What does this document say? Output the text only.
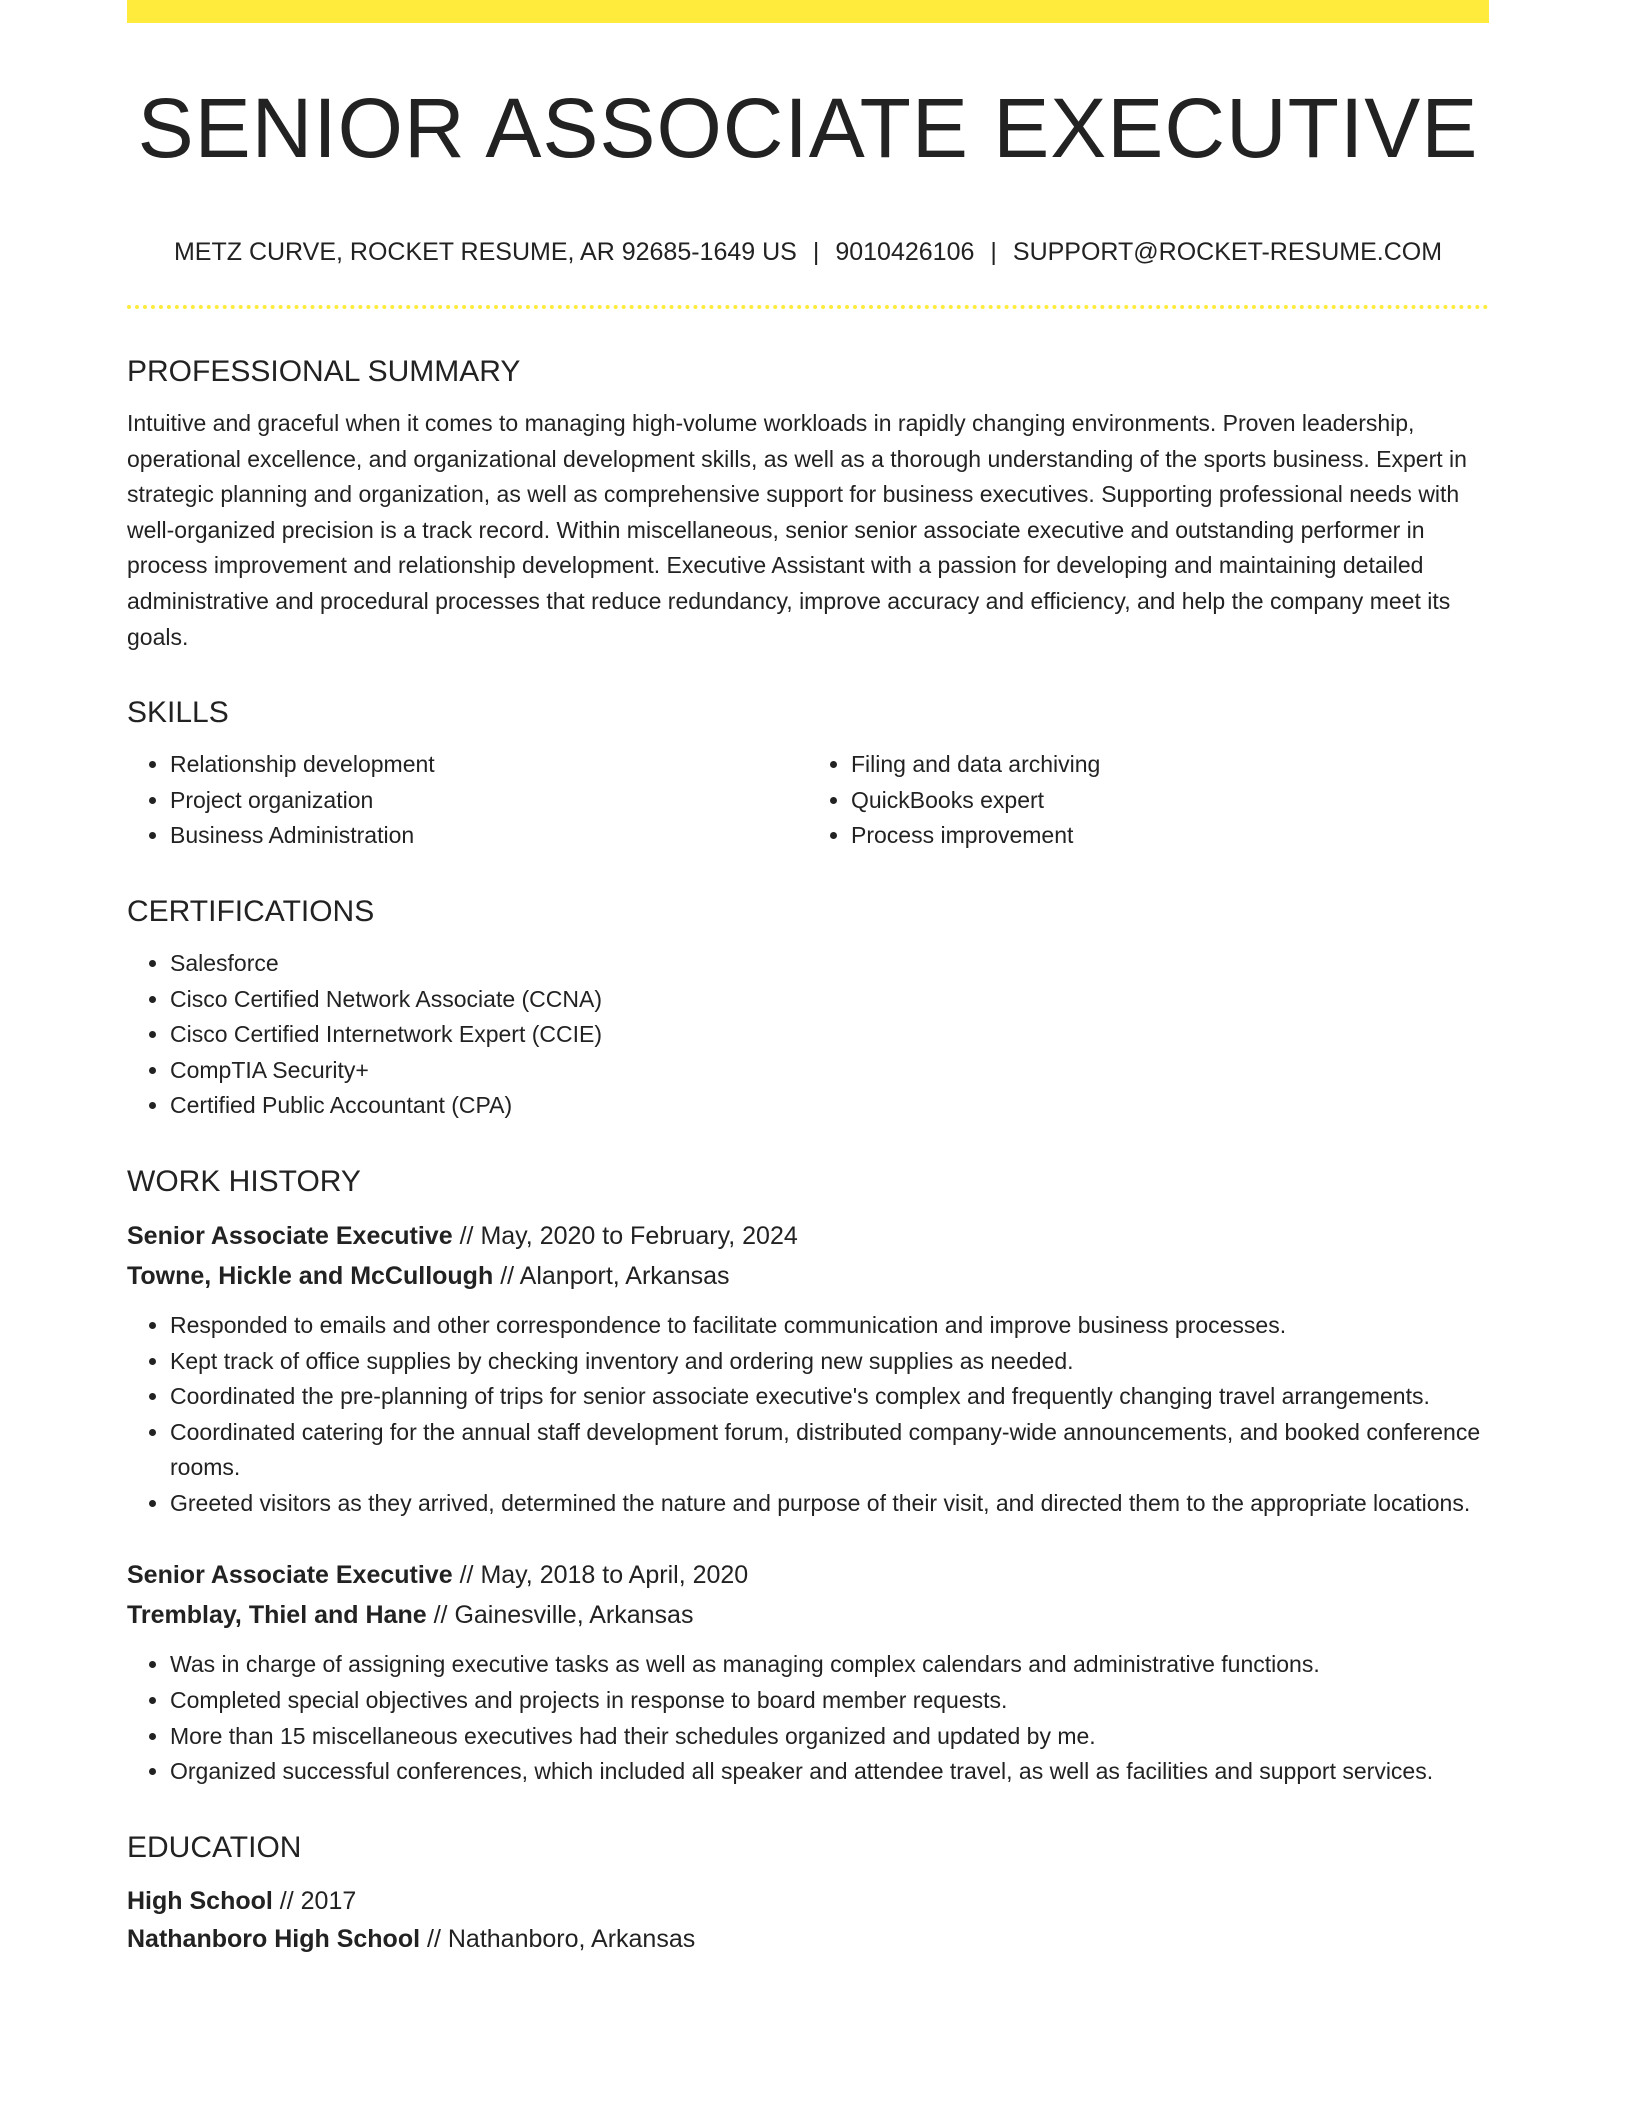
SENIOR ASSOCIATE EXECUTIVE
METZ CURVE, ROCKET RESUME, AR 92685-1649 US | 9010426106 | SUPPORT@ROCKET-RESUME.COM
PROFESSIONAL SUMMARY
Intuitive and graceful when it comes to managing high-volume workloads in rapidly changing environments. Proven leadership, operational excellence, and organizational development skills, as well as a thorough understanding of the sports business. Expert in strategic planning and organization, as well as comprehensive support for business executives. Supporting professional needs with well-organized precision is a track record. Within miscellaneous, senior senior associate executive and outstanding performer in process improvement and relationship development. Executive Assistant with a passion for developing and maintaining detailed administrative and procedural processes that reduce redundancy, improve accuracy and efficiency, and help the company meet its goals.
SKILLS
• Relationship development
• Project organization
• Business Administration
• Filing and data archiving
• QuickBooks expert
• Process improvement
CERTIFICATIONS
• Salesforce
• Cisco Certified Network Associate (CCNA)
• Cisco Certified Internetwork Expert (CCIE)
• CompTIA Security+
• Certified Public Accountant (CPA)
WORK HISTORY
Senior Associate Executive // May, 2020 to February, 2024
Towne, Hickle and McCullough // Alanport, Arkansas
• Responded to emails and other correspondence to facilitate communication and improve business processes.
• Kept track of office supplies by checking inventory and ordering new supplies as needed.
• Coordinated the pre-planning of trips for senior associate executive's complex and frequently changing travel arrangements.
• Coordinated catering for the annual staff development forum, distributed company-wide announcements, and booked conference rooms.
• Greeted visitors as they arrived, determined the nature and purpose of their visit, and directed them to the appropriate locations.
Senior Associate Executive // May, 2018 to April, 2020
Tremblay, Thiel and Hane // Gainesville, Arkansas
• Was in charge of assigning executive tasks as well as managing complex calendars and administrative functions.
• Completed special objectives and projects in response to board member requests.
• More than 15 miscellaneous executives had their schedules organized and updated by me.
• Organized successful conferences, which included all speaker and attendee travel, as well as facilities and support services.
EDUCATION
High School // 2017
Nathanboro High School // Nathanboro, Arkansas
